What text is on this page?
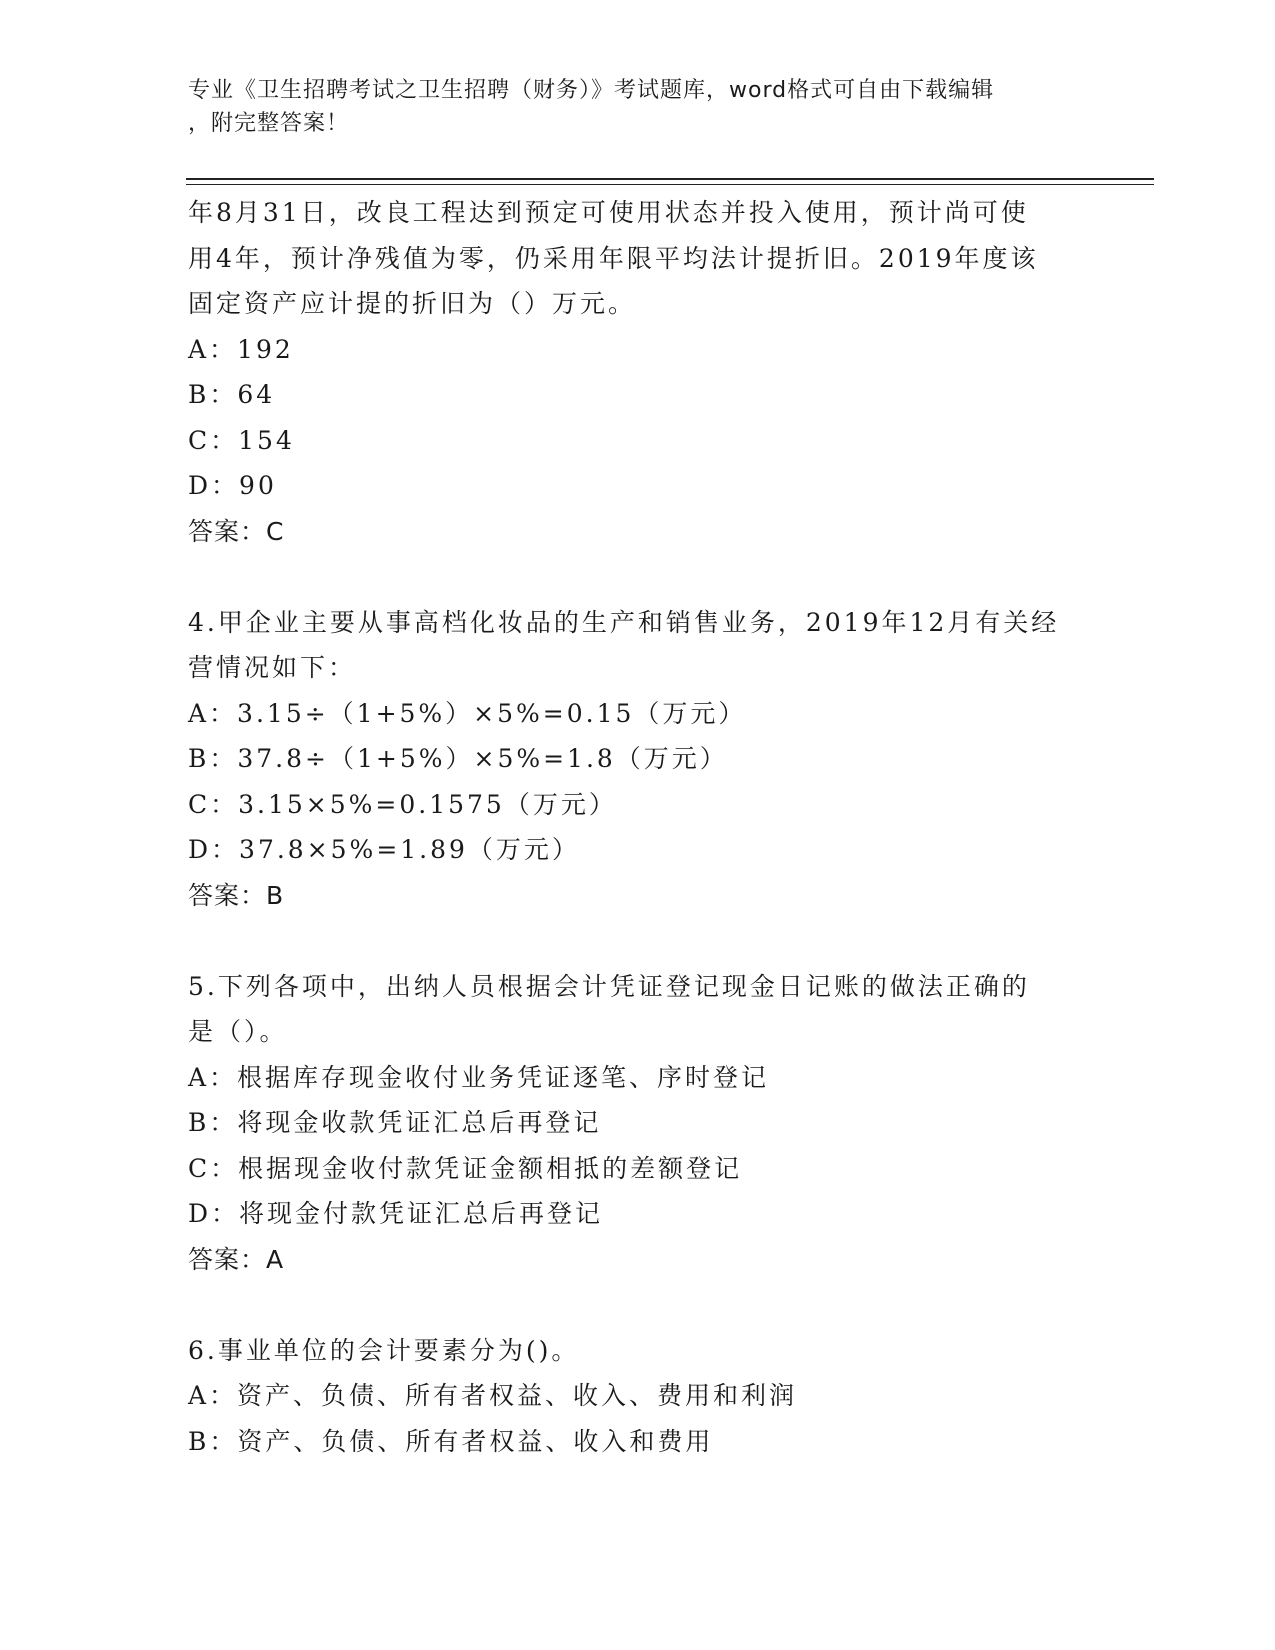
专业《卫生招聘考试之卫生招聘（财务）》考试题库，word格式可自由下载编辑
，附完整答案！
年8月31日，改良工程达到预定可使用状态并投入使用，预计尚可使
用4年，预计净残值为零，仍采用年限平均法计提折旧。2019年度该
固定资产应计提的折旧为（）万元。
A：192
B：64
C：154
D：90
答案：C
4.甲企业主要从事高档化妆品的生产和销售业务，2019年12月有关经
营情况如下：
A：3.15÷（1+5%）×5%=0.15（万元）
B：37.8÷（1+5%）×5%=1.8（万元）
C：3.15×5%=0.1575（万元）
D：37.8×5%=1.89（万元）
答案：B
5.下列各项中，出纳人员根据会计凭证登记现金日记账的做法正确的
是（）。
A：根据库存现金收付业务凭证逐笔、序时登记
B：将现金收款凭证汇总后再登记
C：根据现金收付款凭证金额相抵的差额登记
D：将现金付款凭证汇总后再登记
答案：A
6.事业单位的会计要素分为()。
A：资产、负债、所有者权益、收入、费用和利润
B：资产、负债、所有者权益、收入和费用
